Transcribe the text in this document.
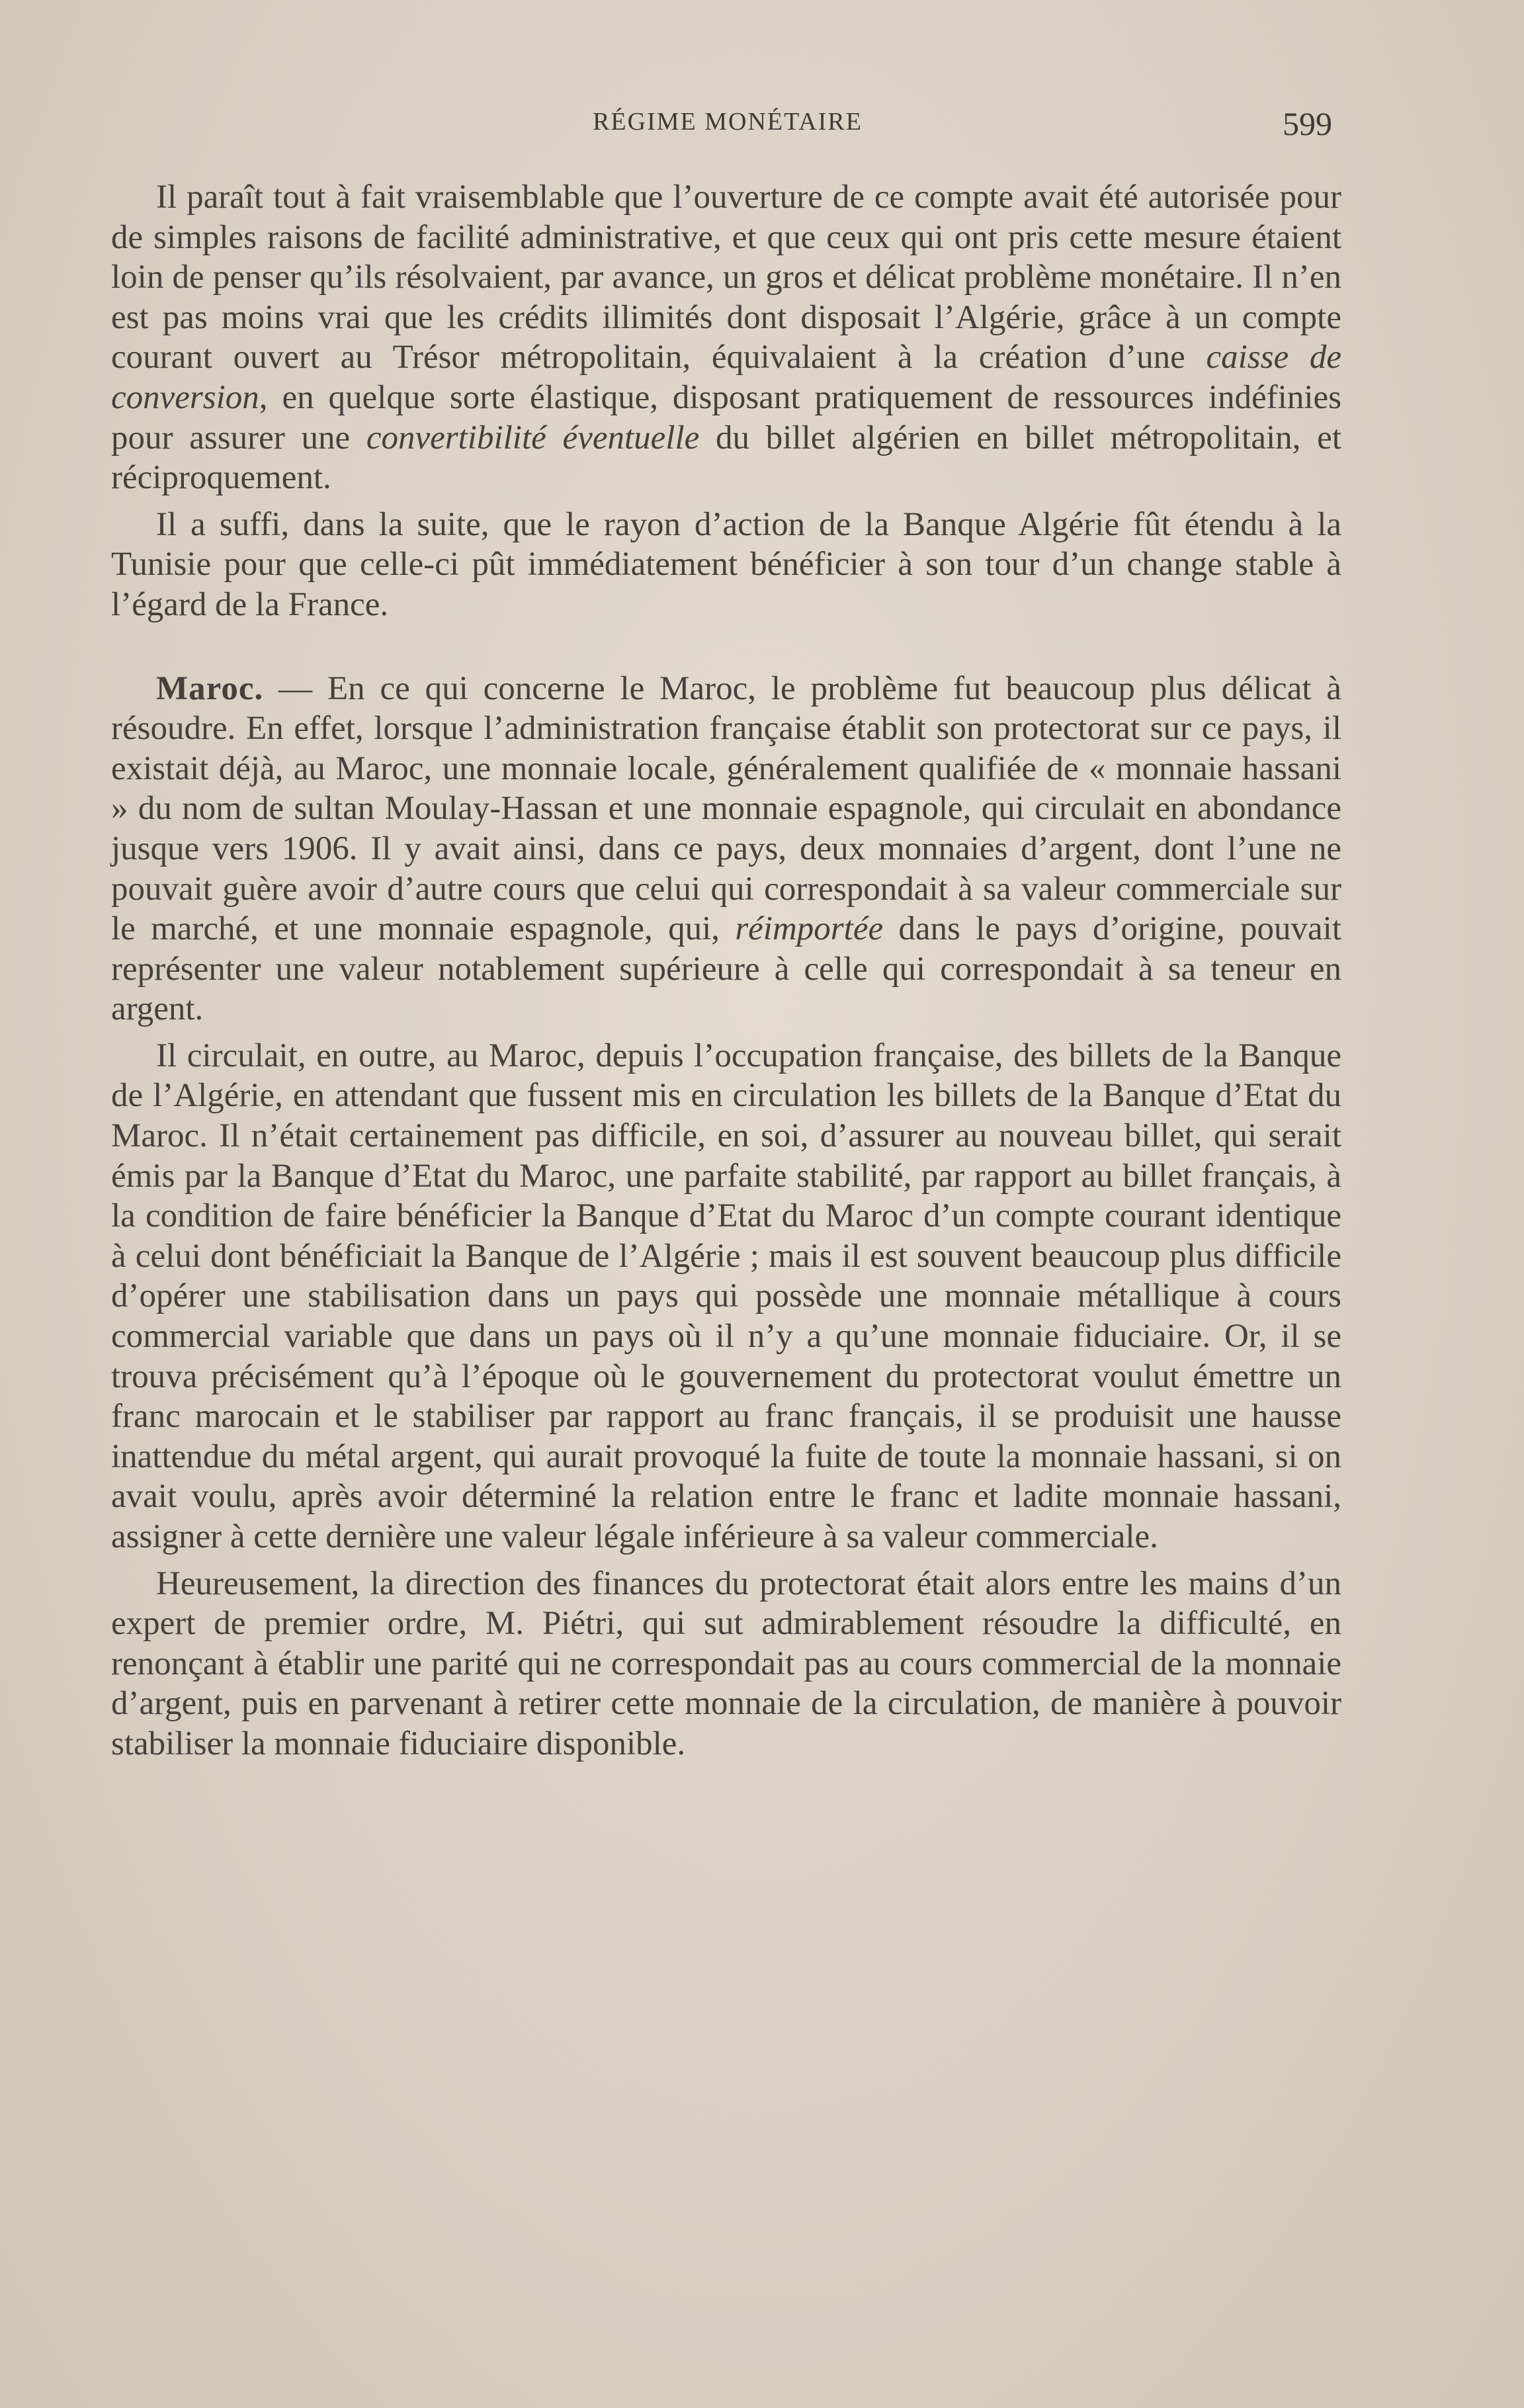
RÉGIME MONÉTAIRE	599

Il paraît tout à fait vraisemblable que l’ouverture de ce compte avait été autorisée pour de simples raisons de facilité administrative, et que ceux qui ont pris cette mesure étaient loin de penser qu’ils résolvaient, par avance, un gros et délicat problème monétaire. Il n’en est pas moins vrai que les crédits illimités dont disposait l’Algérie, grâce à un compte courant ouvert au Trésor métropolitain, équivalaient à la création d’une caisse de conversion, en quelque sorte élastique, disposant pratiquement de ressources indéfinies pour assurer une convertibilité éventuelle du billet algérien en billet métropolitain, et réciproquement.

Il a suffi, dans la suite, que le rayon d’action de la Banque Algérie fût étendu à la Tunisie pour que celle-ci pût immédiatement bénéficier à son tour d’un change stable à l’égard de la France.

Maroc. — En ce qui concerne le Maroc, le problème fut beaucoup plus délicat à résoudre. En effet, lorsque l’administration française établit son protectorat sur ce pays, il existait déjà, au Maroc, une monnaie locale, généralement qualifiée de « monnaie hassani » du nom de sultan Moulay-Hassan et une monnaie espagnole, qui circulait en abondance jusque vers 1906. Il y avait ainsi, dans ce pays, deux monnaies d’argent, dont l’une ne pouvait guère avoir d’autre cours que celui qui correspondait à sa valeur commerciale sur le marché, et une monnaie espagnole, qui, réimportée dans le pays d’origine, pouvait représenter une valeur notablement supérieure à celle qui correspondait à sa teneur en argent.

Il circulait, en outre, au Maroc, depuis l’occupation française, des billets de la Banque de l’Algérie, en attendant que fussent mis en circulation les billets de la Banque d’Etat du Maroc. Il n’était certainement pas difficile, en soi, d’assurer au nouveau billet, qui serait émis par la Banque d’Etat du Maroc, une parfaite stabilité, par rapport au billet français, à la condition de faire bénéficier la Banque d’Etat du Maroc d’un compte courant identique à celui dont bénéficiait la Banque de l’Algérie ; mais il est souvent beaucoup plus difficile d’opérer une stabilisation dans un pays qui possède une monnaie métallique à cours commercial variable que dans un pays où il n’y a qu’une monnaie fiduciaire. Or, il se trouva précisément qu’à l’époque où le gouvernement du protectorat voulut émettre un franc marocain et le stabiliser par rapport au franc français, il se produisit une hausse inattendue du métal argent, qui aurait provoqué la fuite de toute la monnaie hassani, si on avait voulu, après avoir déterminé la relation entre le franc et ladite monnaie hassani, assigner à cette dernière une valeur légale inférieure à sa valeur commerciale.

Heureusement, la direction des finances du protectorat était alors entre les mains d’un expert de premier ordre, M. Piétri, qui sut admirablement résoudre la difficulté, en renonçant à établir une parité qui ne correspondait pas au cours commercial de la monnaie d’argent, puis en parvenant à retirer cette monnaie de la circulation, de manière à pouvoir stabiliser la monnaie fiduciaire disponible.
